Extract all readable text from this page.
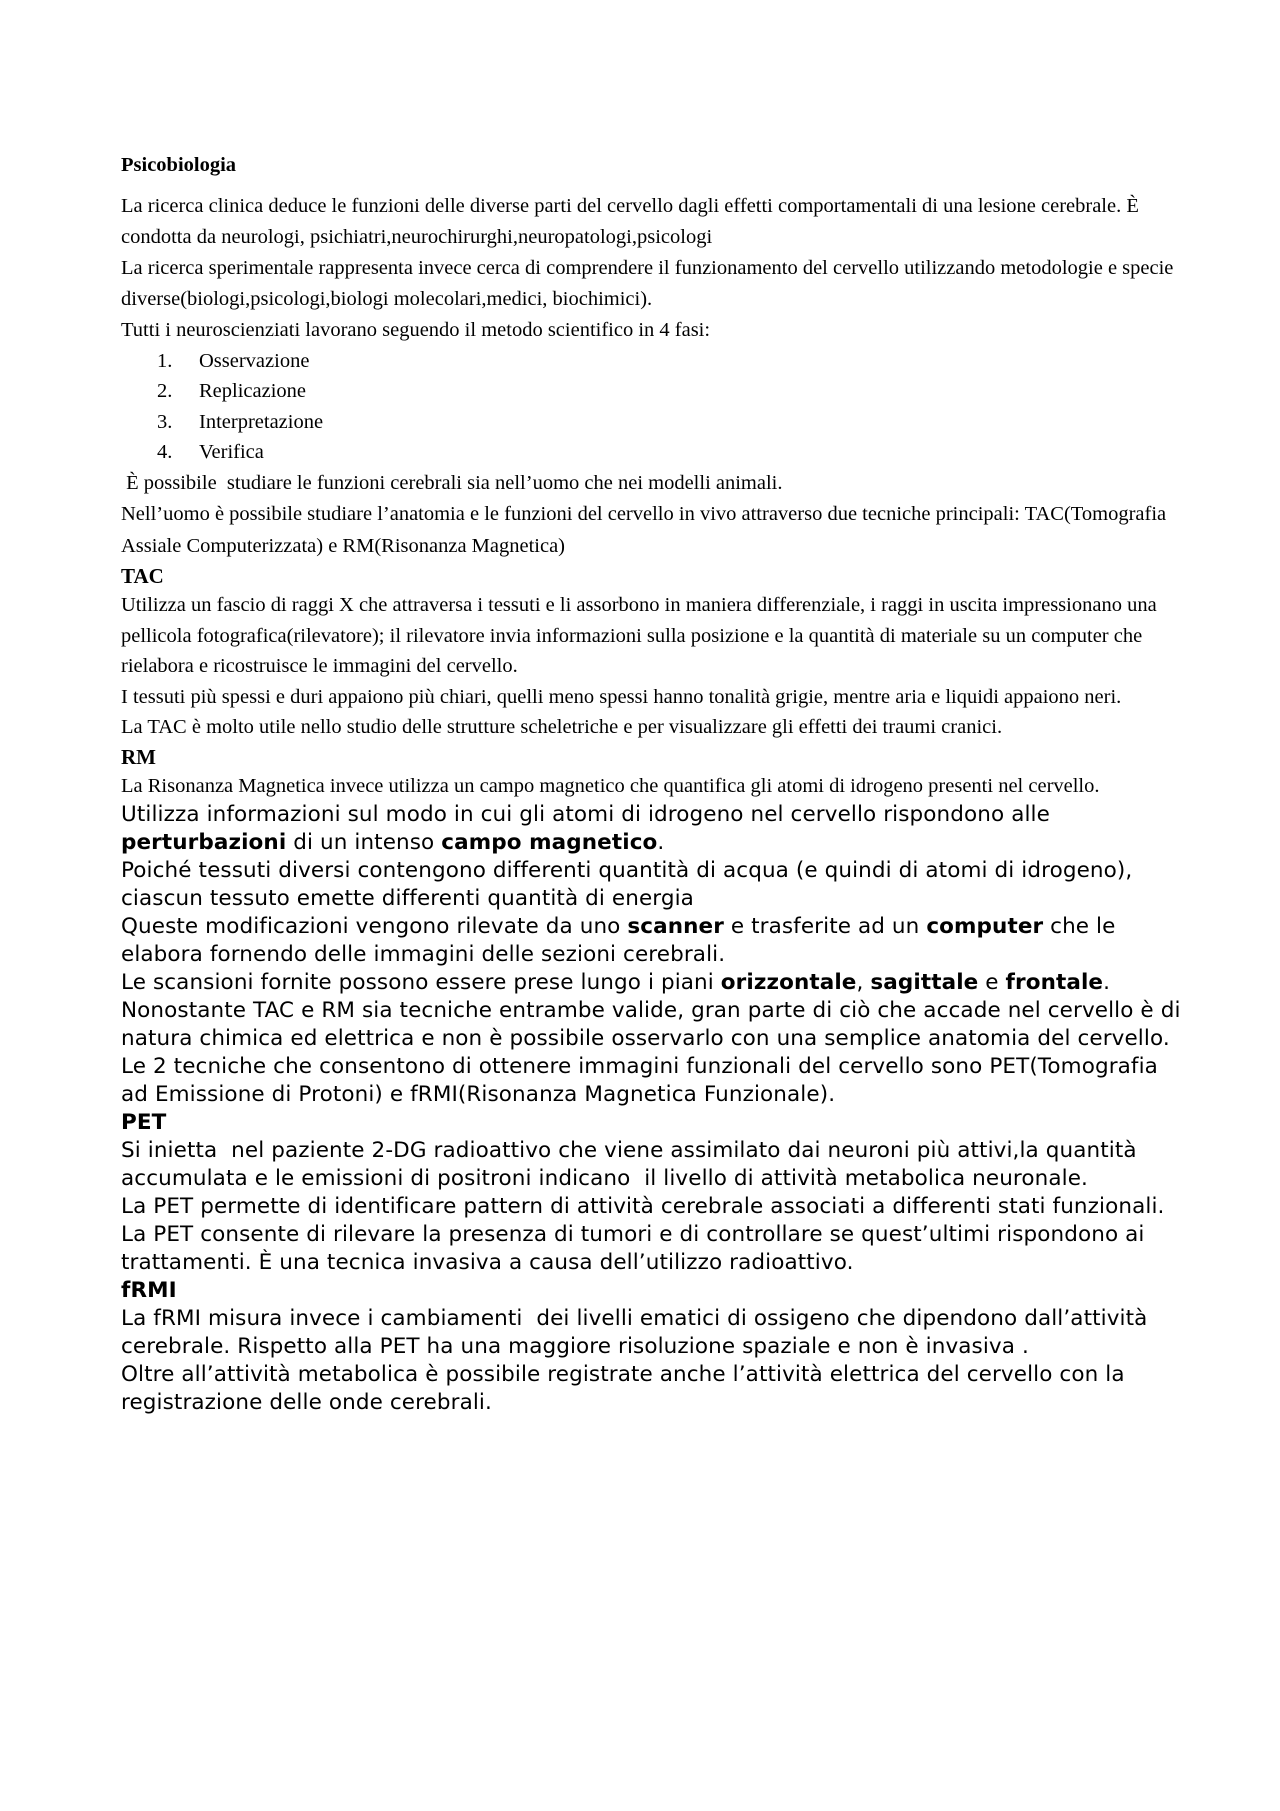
Psicobiologia

La ricerca clinica deduce le funzioni delle diverse parti del cervello dagli effetti comportamentali di una lesione cerebrale. È condotta da neurologi, psichiatri,neurochirurghi,neuropatologi,psicologi

La ricerca sperimentale rappresenta invece cerca di comprendere il funzionamento del cervello utilizzando metodologie e specie diverse(biologi,psicologi,biologi molecolari,medici, biochimici).

Tutti i neuroscienziati lavorano seguendo il metodo scientifico in 4 fasi:

1. Osservazione
2. Replicazione
3. Interpretazione
4. Verifica

È possibile  studiare le funzioni cerebrali sia nell’uomo che nei modelli animali.

Nell’uomo è possibile studiare l’anatomia e le funzioni del cervello in vivo attraverso due tecniche principali: TAC(Tomografia Assiale Computerizzata) e RM(Risonanza Magnetica)

TAC

Utilizza un fascio di raggi X che attraversa i tessuti e li assorbono in maniera differenziale, i raggi in uscita impressionano una pellicola fotografica(rilevatore); il rilevatore invia informazioni sulla posizione e la quantità di materiale su un computer che rielabora e ricostruisce le immagini del cervello.

I tessuti più spessi e duri appaiono più chiari, quelli meno spessi hanno tonalità grigie, mentre aria e liquidi appaiono neri.

La TAC è molto utile nello studio delle strutture scheletriche e per visualizzare gli effetti dei traumi cranici.

RM

La Risonanza Magnetica invece utilizza un campo magnetico che quantifica gli atomi di idrogeno presenti nel cervello.

Utilizza informazioni sul modo in cui gli atomi di idrogeno nel cervello rispondono alle perturbazioni di un intenso campo magnetico.

Poiché tessuti diversi contengono differenti quantità di acqua (e quindi di atomi di idrogeno), ciascun tessuto emette differenti quantità di energia

Queste modificazioni vengono rilevate da uno scanner e trasferite ad un computer che le elabora fornendo delle immagini delle sezioni cerebrali.

Le scansioni fornite possono essere prese lungo i piani orizzontale, sagittale e frontale.

Nonostante TAC e RM sia tecniche entrambe valide, gran parte di ciò che accade nel cervello è di natura chimica ed elettrica e non è possibile osservarlo con una semplice anatomia del cervello.

Le 2 tecniche che consentono di ottenere immagini funzionali del cervello sono PET(Tomografia ad Emissione di Protoni) e fRMI(Risonanza Magnetica Funzionale).

PET

Si inietta  nel paziente 2-DG radioattivo che viene assimilato dai neuroni più attivi,la quantità accumulata e le emissioni di positroni indicano  il livello di attività metabolica neuronale.

La PET permette di identificare pattern di attività cerebrale associati a differenti stati funzionali.

La PET consente di rilevare la presenza di tumori e di controllare se quest’ultimi rispondono ai trattamenti. È una tecnica invasiva a causa dell’utilizzo radioattivo.

fRMI

La fRMI misura invece i cambiamenti  dei livelli ematici di ossigeno che dipendono dall’attività cerebrale. Rispetto alla PET ha una maggiore risoluzione spaziale e non è invasiva .

Oltre all’attività metabolica è possibile registrate anche l’attività elettrica del cervello con la registrazione delle onde cerebrali.
